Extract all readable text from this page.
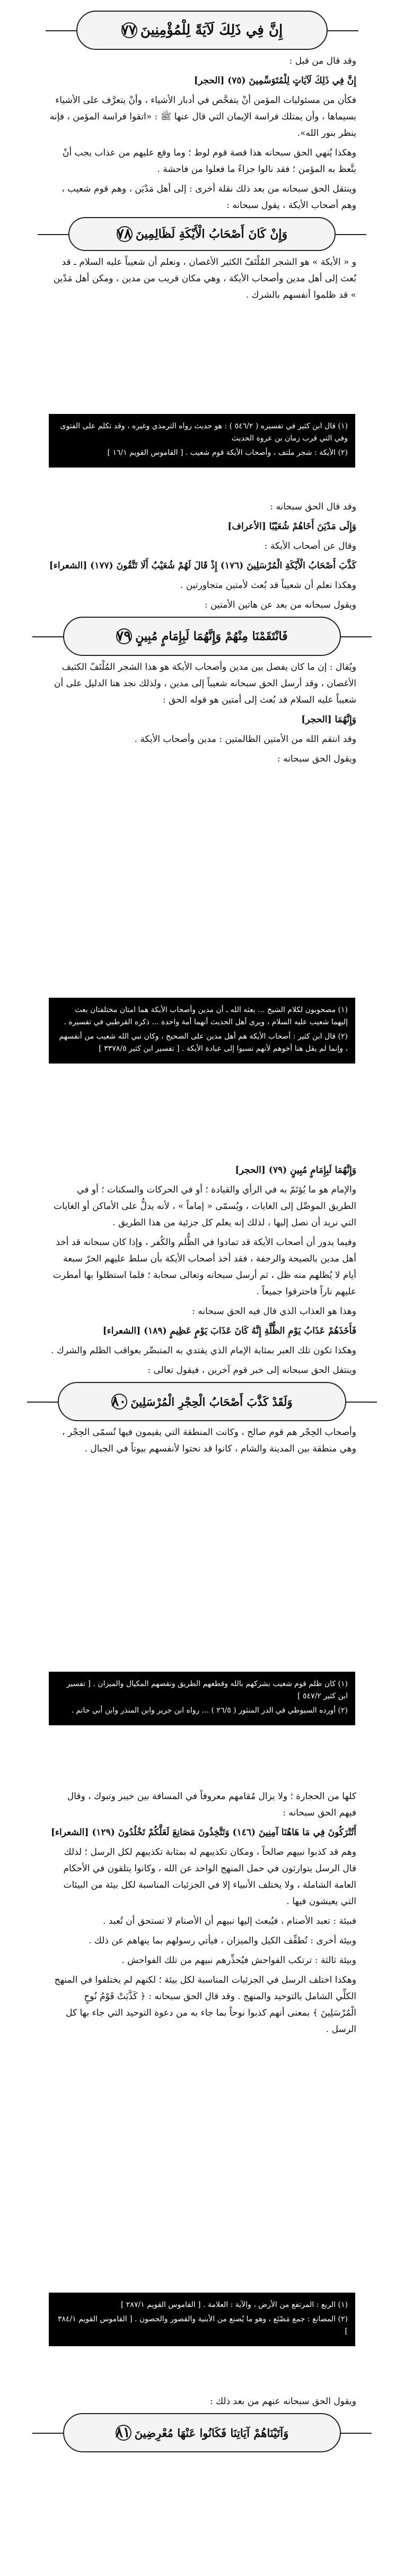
إِنَّ فِي ذَلِكَ لَآيَةً لِلْمُؤْمِنِينَ
٧٧

وقد قال من قبل :

إِنَّ فِي ذَلِكَ لَآيَاتٍ لِلْمُتَوَسِّمِينَ (٧٥) [الحجر]

فكأن من مسئوليات المؤمن أنْ يتفحَّص في أدبار الأشياء ، وأنْ يتعرَّف على الأشياء بسيماها ، وأن يمتلك فراسة الإيمان التي قال عنها ﷺ : «اتقوا فراسة المؤمن ، فإنه ينظر بنور الله».

وهكذا يُنهي الحق سبحانه هذا قصة قوم لوط ؛ وما وقع عليهم من عذاب يجب أنْ يتَّعظ به المؤمن ؛ فقد نالوا جزاءً ما فعلوا من فاحشة .

وينتقل الحق سبحانه من بعد ذلك نقلة أخرى : إلى أهل مَدْيَن ، وهم قوم شعيب ، وهم أصحاب الأيكة ، يقول سبحانه :

وَإِنْ كَانَ أَصْحَابُ الْأَيْكَةِ لَظَالِمِينَ
٧٨

و « الأيكة » هو الشجر المُلْتَفّ الكثير الأغصان ، ونعلم أن شعيباً عليه السلام ـ قد بُعث إلى أهل مدين وأصحاب الأيكة ، وهي مكان قريب من مدين ، ومكن أهل مَدْين » قد ظلموا أنفسهم بالشرك .

(١) قال ابن كثير في تفسيره ( ٥٤٦/٢ ) : هو حديث رواه الترمذي وغيره ، وقد تكلم على الفتوى وفي التي قرب زمان بن عروة الحديث

(٢) الأيكة : شجر ملتف ، وأصحاب الأيكة قوم شعيب . [ القاموس القويم ١٦/١ ]

وقد قال الحق سبحانه :

وَإِلَى مَدْيَنَ أَخَاهُمْ شُعَيْبًا [الأعراف]

وقال عن أصحاب الأيكة :

كَذَّبَ أَصْحَابُ الْأَيْكَةِ الْمُرْسَلِينَ (١٧٦) إِذْ قَالَ لَهُمْ شُعَيْبٌ أَلَا تَتَّقُونَ (١٧٧) [الشعراء]

وهكذا نعلم أن شعيباً قد بُعث لأمتين متجاورتين .

ويقول سبحانه من بعد عن هاتين الأمتين :

فَانْتَقَمْنَا مِنْهُمْ وَإِنَّهُمَا لَبِإِمَامٍ مُبِينٍ
٧٩

ويُقال : إن ما كان يفصل بين مدين وأصحاب الأيكة هو هذا الشجر المُلْتَفّ الكثيف الأغصان ، وقد أرسل الحق سبحانه شعيباً إلى مدين ، ولذلك نجد هنا الدليل على أن شعيباً عليه السلام قد بُعث إلى أمتين هو قوله الحق :

وَإِنَّهُمَا [الحجر]

وقد انتقم الله من الأمتين الظالمتين : مدين وأصحاب الأيكة .

ويقول الحق سبحانه :

(١) مصحوبون لكلام الشيخ ... بعثه الله ـ أن مدين وأصحاب الأيكة هما امتان مختلفتان بعث إليهما شعيب عليه السلام ، ويرى أهل الحديث أنهما أمة واحدة ... ذكره القرطبي في تفسيره .

(٢) قال ابن كثير : أصحاب الأيكة هم أهل مدين على الصحيح ، وكان نبي الله شعيب من أنفسهم ، وإنما لم يقل هنا أخوهم لأنهم نسبوا إلى عبادة الأيكة . [ تفسير ابن كثير ٣٣٧٨/٥ ]

وَإِنَّهُمَا لَبِإِمَامٍ مُبِينٍ (٧٩) [الحجر]

والإمام هو ما يُؤتَمّ به في الرأي والقيادة ؛ أو في الحركات والسكنات ؛ أو في الطريق الموصِّل إلى الغايات ، ويُسمّى « إماماً » ، لأنه يدلُّ على الأماكن أو الغايات التي نريد أن نصل إليها ، لذلك إنه يعلم كل جزئية من هذا الطريق .

وفيما يدور أن أصحاب الأيكة قد تمادوا في الظُّلم والكُفر ، وإذا كان سبحانه قد أخذ أهل مدين بالصيحة والرجفة ، فقد أخذ أصحاب الأيكة بأن سلط عليهم الحرّ سبعة أيام لا يُظلهم منه ظل ، ثم أرسل سبحانه وتعالى سحابة ؛ فلما استظلوا بها أمطرت عليهم ناراً فاحترقوا جميعاً .

وهذا هو العذاب الذي قال فيه الحق سبحانه :

فَأَخَذَهُمْ عَذَابُ يَوْمِ الظُّلَّةِ إِنَّهُ كَانَ عَذَابَ يَوْمٍ عَظِيمٍ (١٨٩) [الشعراء]

وهكذا تكون تلك العبر بمثابة الإمام الذي يقتدي به المتبصِّر بعواقب الظلم والشرك .

وينتقل الحق سبحانه إلى خبر قوم آخرين ، فيقول تعالى :

وَلَقَدْ كَذَّبَ أَصْحَابُ الْحِجْرِ الْمُرْسَلِينَ
٨٠

وأصحاب الحِجْر هم قوم صالح ، وكانت المنطقة التي يقيمون فيها تُسمّى الحِجْر ، وهي منطقة بين المدينة والشام ، كانوا قد نحتوا لأنفسهم بيوتاً في الجبال .

(١) كان ظلم قوم شعيب بشركهم بالله وقطعهم الطريق ونقصهم المكيال والميزان . [ تفسير ابن كثير ٥٤٧/٢ ]

(٢) أورده السيوطي في الدر المنثور ( ٢٦/٥ ) ... رواه ابن جرير وابن المنذر وابن أبي حاتم .

كلها من الحجارة ؛ ولا يزال مُقامهم معروفاً في المسافة بين خيبر وتبوك ، وقال فيهم الحق سبحانه :

أَتُتْرَكُونَ فِي مَا هَاهُنَا آمِنِينَ (١٤٦) وَتَتَّخِذُونَ مَصَانِعَ لَعَلَّكُمْ تَخْلُدُونَ (١٢٩) [الشعراء]

وهم قد كذبوا نبيهم صالحاً ، ومكان تكذيبهم له بمثابة تكذيبهم لكل الرسل ؛ لذلك قال الرسل يتوارثون في حمل المنهج الواحد عن الله ، وكانوا يتلقون في الأحكام العامة الشاملة ، ولا يختلف الأنبياء إلا في الجزئيات المناسبة لكل بيئة من البيئات التي يعيشون فيها .

فبيئة : تعبد الأصنام ، فيُبعث إليها نبيهم أن الأصنام لا تستحق أن تُعبد .

وبيئة أخرى : تُطفِّف الكيل والميزان ، فيأتي رسولهم بما ينهاهم عن ذلك .

وبيئة ثالثة : ترتكب الفواحش فيُحذِّرهم نبيهم من تلك الفواحش .

وهكذا اختلف الرسل في الجزئيات المناسبة لكل بيئة ؛ لكنهم لم يختلفوا في المنهج الكلِّي الشامل بالتوحيد والمنهج . وقد قال الحق سبحانه : ﴿ كَذَّبَتْ قَوْمُ نُوحٍ الْمُرْسَلِينَ ﴾ بمعنى أنهم كذبوا نوحاً بما جاء به من دعوة التوحيد التي جاء بها كل الرسل .

(١) الربع : المرتفع من الأرض ، والآية : العلامة . [ القاموس القويم ٢٨٧/١ ]

(٢) المصانع : جمع مَصْنَع ، وهو ما يُصنع من الأبنية والقصور والحصون . [ القاموس القويم ٣٨٤/١ ]

ويقول الحق سبحانه عنهم من بعد ذلك :

وَآتَيْنَاهُمْ آيَاتِنَا فَكَانُوا عَنْهَا مُعْرِضِينَ
٨١
